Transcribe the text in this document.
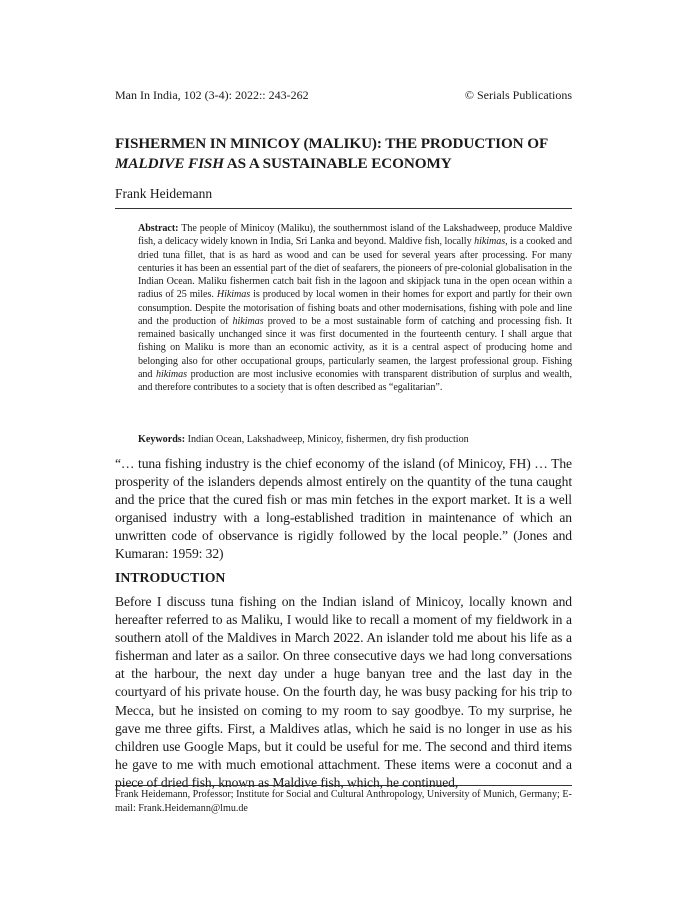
Man In India, 102 (3-4): 2022:: 243-262	© Serials Publications
FISHERMEN IN MINICOY (MALIKU): THE PRODUCTION OF
MALDIVE FISH AS A SUSTAINABLE ECONOMY
Frank Heidemann

Abstract: The people of Minicoy (Maliku), the southernmost island of the Lakshadweep, produce Maldive fish, a delicacy widely known in India, Sri Lanka and beyond. Maldive fish, locally hikimas, is a cooked and dried tuna fillet, that is as hard as wood and can be used for several years after processing. For many centuries it has been an essential part of the diet of seafarers, the pioneers of pre-colonial globalisation in the Indian Ocean. Maliku fishermen catch bait fish in the lagoon and skipjack tuna in the open ocean within a radius of 25 miles. Hikimas is produced by local women in their homes for export and partly for their own consumption. Despite the motorisation of fishing boats and other modernisations, fishing with pole and line and the production of hikimas proved to be a most sustainable form of catching and processing fish. It remained basically unchanged since it was first documented in the fourteenth century. I shall argue that fishing on Maliku is more than an economic activity, as it is a central aspect of producing home and belonging also for other occupational groups, particularly seamen, the largest professional group. Fishing and hikimas production are most inclusive economies with transparent distribution of surplus and wealth, and therefore contributes to a society that is often described as “egalitarian”.

Keywords: Indian Ocean, Lakshadweep, Minicoy, fishermen, dry fish production

“… tuna fishing industry is the chief economy of the island (of Minicoy, FH) … The prosperity of the islanders depends almost entirely on the quantity of the tuna caught and the price that the cured fish or mas min fetches in the export market. It is a well organised industry with a long-established tradition in maintenance of which an unwritten code of observance is rigidly followed by the local people.” (Jones and Kumaran: 1959: 32)

INTRODUCTION

Before I discuss tuna fishing on the Indian island of Minicoy, locally known and hereafter referred to as Maliku, I would like to recall a moment of my fieldwork in a southern atoll of the Maldives in March 2022. An islander told me about his life as a fisherman and later as a sailor. On three consecutive days we had long conversations at the harbour, the next day under a huge banyan tree and the last day in the courtyard of his private house. On the fourth day, he was busy packing for his trip to Mecca, but he insisted on coming to my room to say goodbye. To my surprise, he gave me three gifts. First, a Maldives atlas, which he said is no longer in use as his children use Google Maps, but it could be useful for me. The second and third items he gave to me with much emotional attachment. These items were a coconut and a piece of dried fish, known as Maldive fish, which, he continued,

Frank Heidemann, Professor; Institute for Social and Cultural Anthropology, University of Munich, Germany; E-mail: Frank.Heidemann@lmu.de
